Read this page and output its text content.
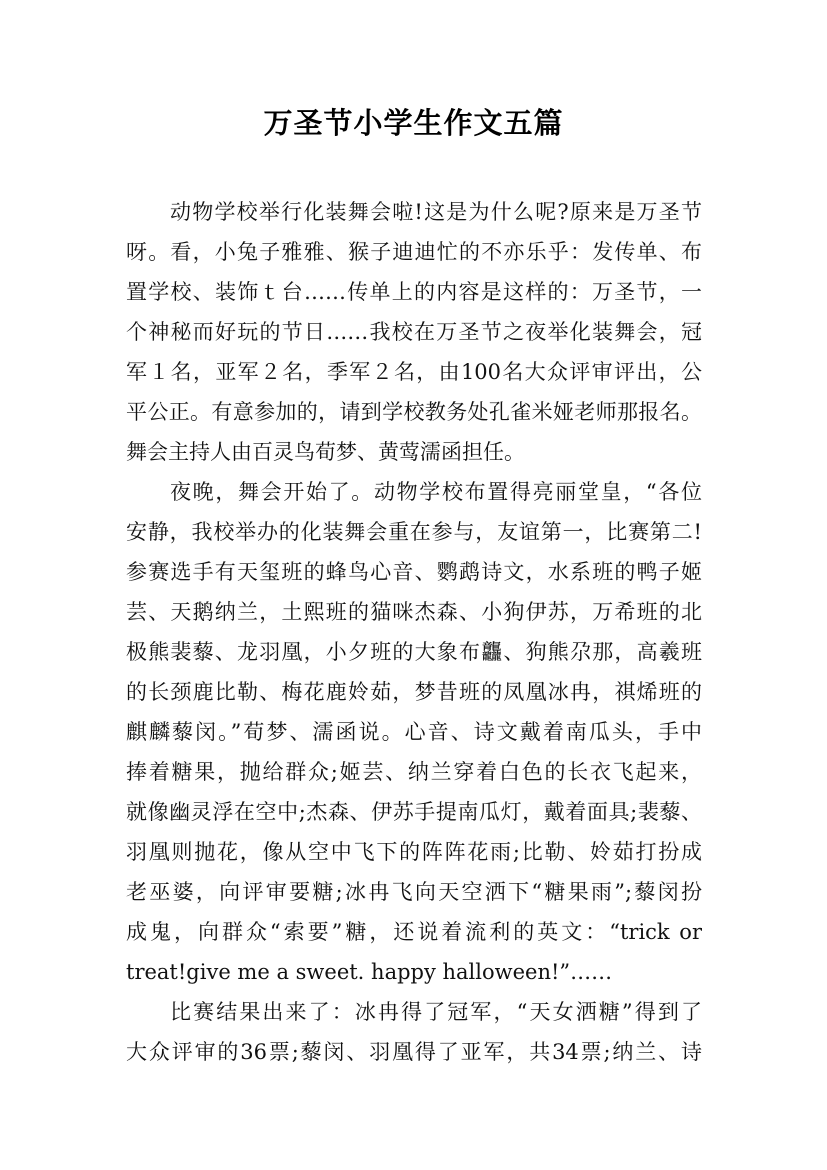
万圣节小学生作文五篇
动物学校举行化装舞会啦!这是为什么呢?原来是万圣节
呀。看，小兔子雅雅、猴子迪迪忙的不亦乐乎：发传单、布
置学校、装饰ｔ台……传单上的内容是这样的：万圣节，一
个神秘而好玩的节日……我校在万圣节之夜举化装舞会，冠
军１名，亚军２名，季军２名，由100名大众评审评出，公
平公正。有意参加的，请到学校教务处孔雀米娅老师那报名。
舞会主持人由百灵鸟荀梦、黄莺濡函担任。
夜晚，舞会开始了。动物学校布置得亮丽堂皇，“各位
安静，我校举办的化装舞会重在参与，友谊第一，比赛第二!
参赛选手有天玺班的蜂鸟心音、鹦鹉诗文，水系班的鸭子姬
芸、天鹅纳兰，土熙班的猫咪杰森、小狗伊苏，万希班的北
极熊裴藜、龙羽凰，小夕班的大象布龘、狗熊尕那，高羲班
的长颈鹿比勒、梅花鹿姈茹，梦昔班的凤凰冰冉，祺烯班的
麒麟藜闵。”荀梦、濡函说。心音、诗文戴着南瓜头，手中
捧着糖果，抛给群众;姬芸、纳兰穿着白色的长衣飞起来，
就像幽灵浮在空中;杰森、伊苏手提南瓜灯，戴着面具;裴藜、
羽凰则抛花，像从空中飞下的阵阵花雨;比勒、姈茹打扮成
老巫婆，向评审要糖;冰冉飞向天空洒下“糖果雨”;藜闵扮
成鬼，向群众“索要”糖，还说着流利的英文：“trick or
treat!give me a sweet. happy halloween!”……
比赛结果出来了：冰冉得了冠军，“天女洒糖”得到了
大众评审的36票;藜闵、羽凰得了亚军，共34票;纳兰、诗
